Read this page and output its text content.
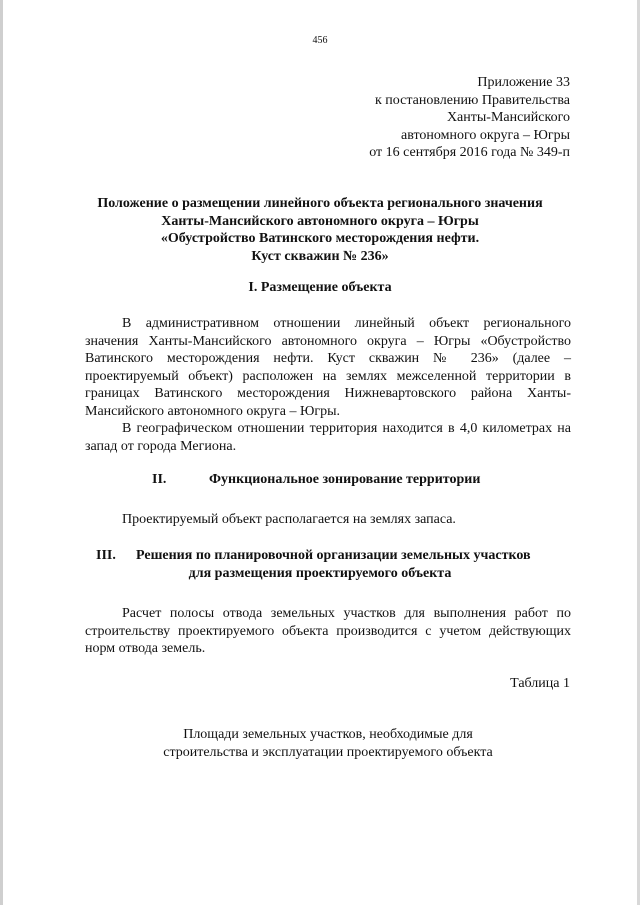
456
Приложение 33
к постановлению Правительства
Ханты-Мансийского
автономного округа – Югры
от 16 сентября 2016 года № 349-п
Положение о размещении линейного объекта регионального значения
Ханты-Мансийского автономного округа – Югры
«Обустройство Ватинского месторождения нефти.
Куст скважин № 236»
I. Размещение объекта
В административном отношении линейный объект регионального значения Ханты-Мансийского автономного округа – Югры «Обустройство Ватинского месторождения нефти. Куст скважин № 236» (далее – проектируемый объект) расположен на землях межселенной территории в границах Ватинского месторождения Нижневартовского района Ханты-Мансийского автономного округа – Югры.
В географическом отношении территория находится в 4,0 километрах на запад от города Мегиона.
II.	Функциональное зонирование территории
Проектируемый объект располагается на землях запаса.
III. Решения по планировочной организации земельных участков
для размещения проектируемого объекта
Расчет полосы отвода земельных участков для выполнения работ по строительству проектируемого объекта производится с учетом действующих норм отвода земель.
Таблица 1
Площади земельных участков, необходимые для
строительства и эксплуатации проектируемого объекта
